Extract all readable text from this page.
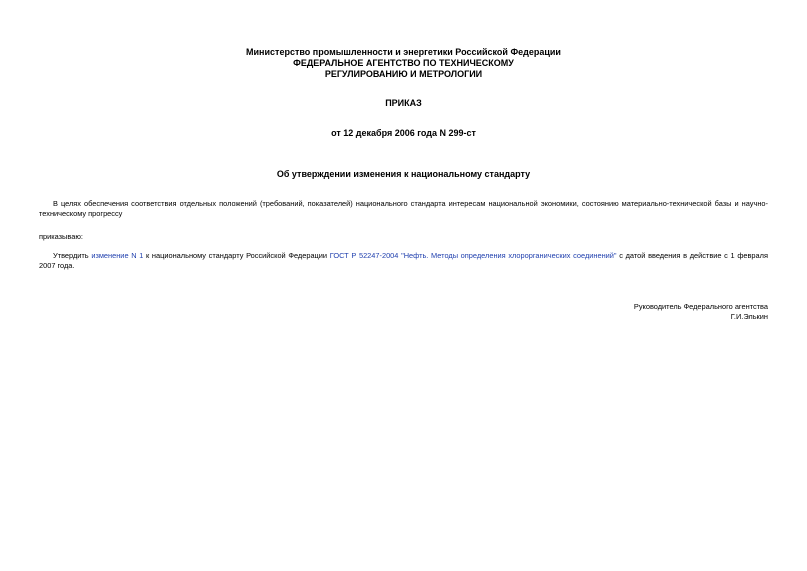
Министерство промышленности и энергетики Российской Федерации
ФЕДЕРАЛЬНОЕ АГЕНТСТВО ПО ТЕХНИЧЕСКОМУ
РЕГУЛИРОВАНИЮ И МЕТРОЛОГИИ
ПРИКАЗ
от 12 декабря 2006 года N 299-ст
Об утверждении изменения к национальному стандарту
В целях обеспечения соответствия отдельных положений (требований, показателей) национального стандарта интересам национальной экономики, состоянию материально-технической базы и научно-техническому прогрессу
приказываю:
Утвердить изменение N 1 к национальному стандарту Российской Федерации ГОСТ Р 52247-2004 "Нефть. Методы определения хлорорганических соединений" с датой введения в действие с 1 февраля 2007 года.
Руководитель Федерального агентства
Г.И.Элькин
